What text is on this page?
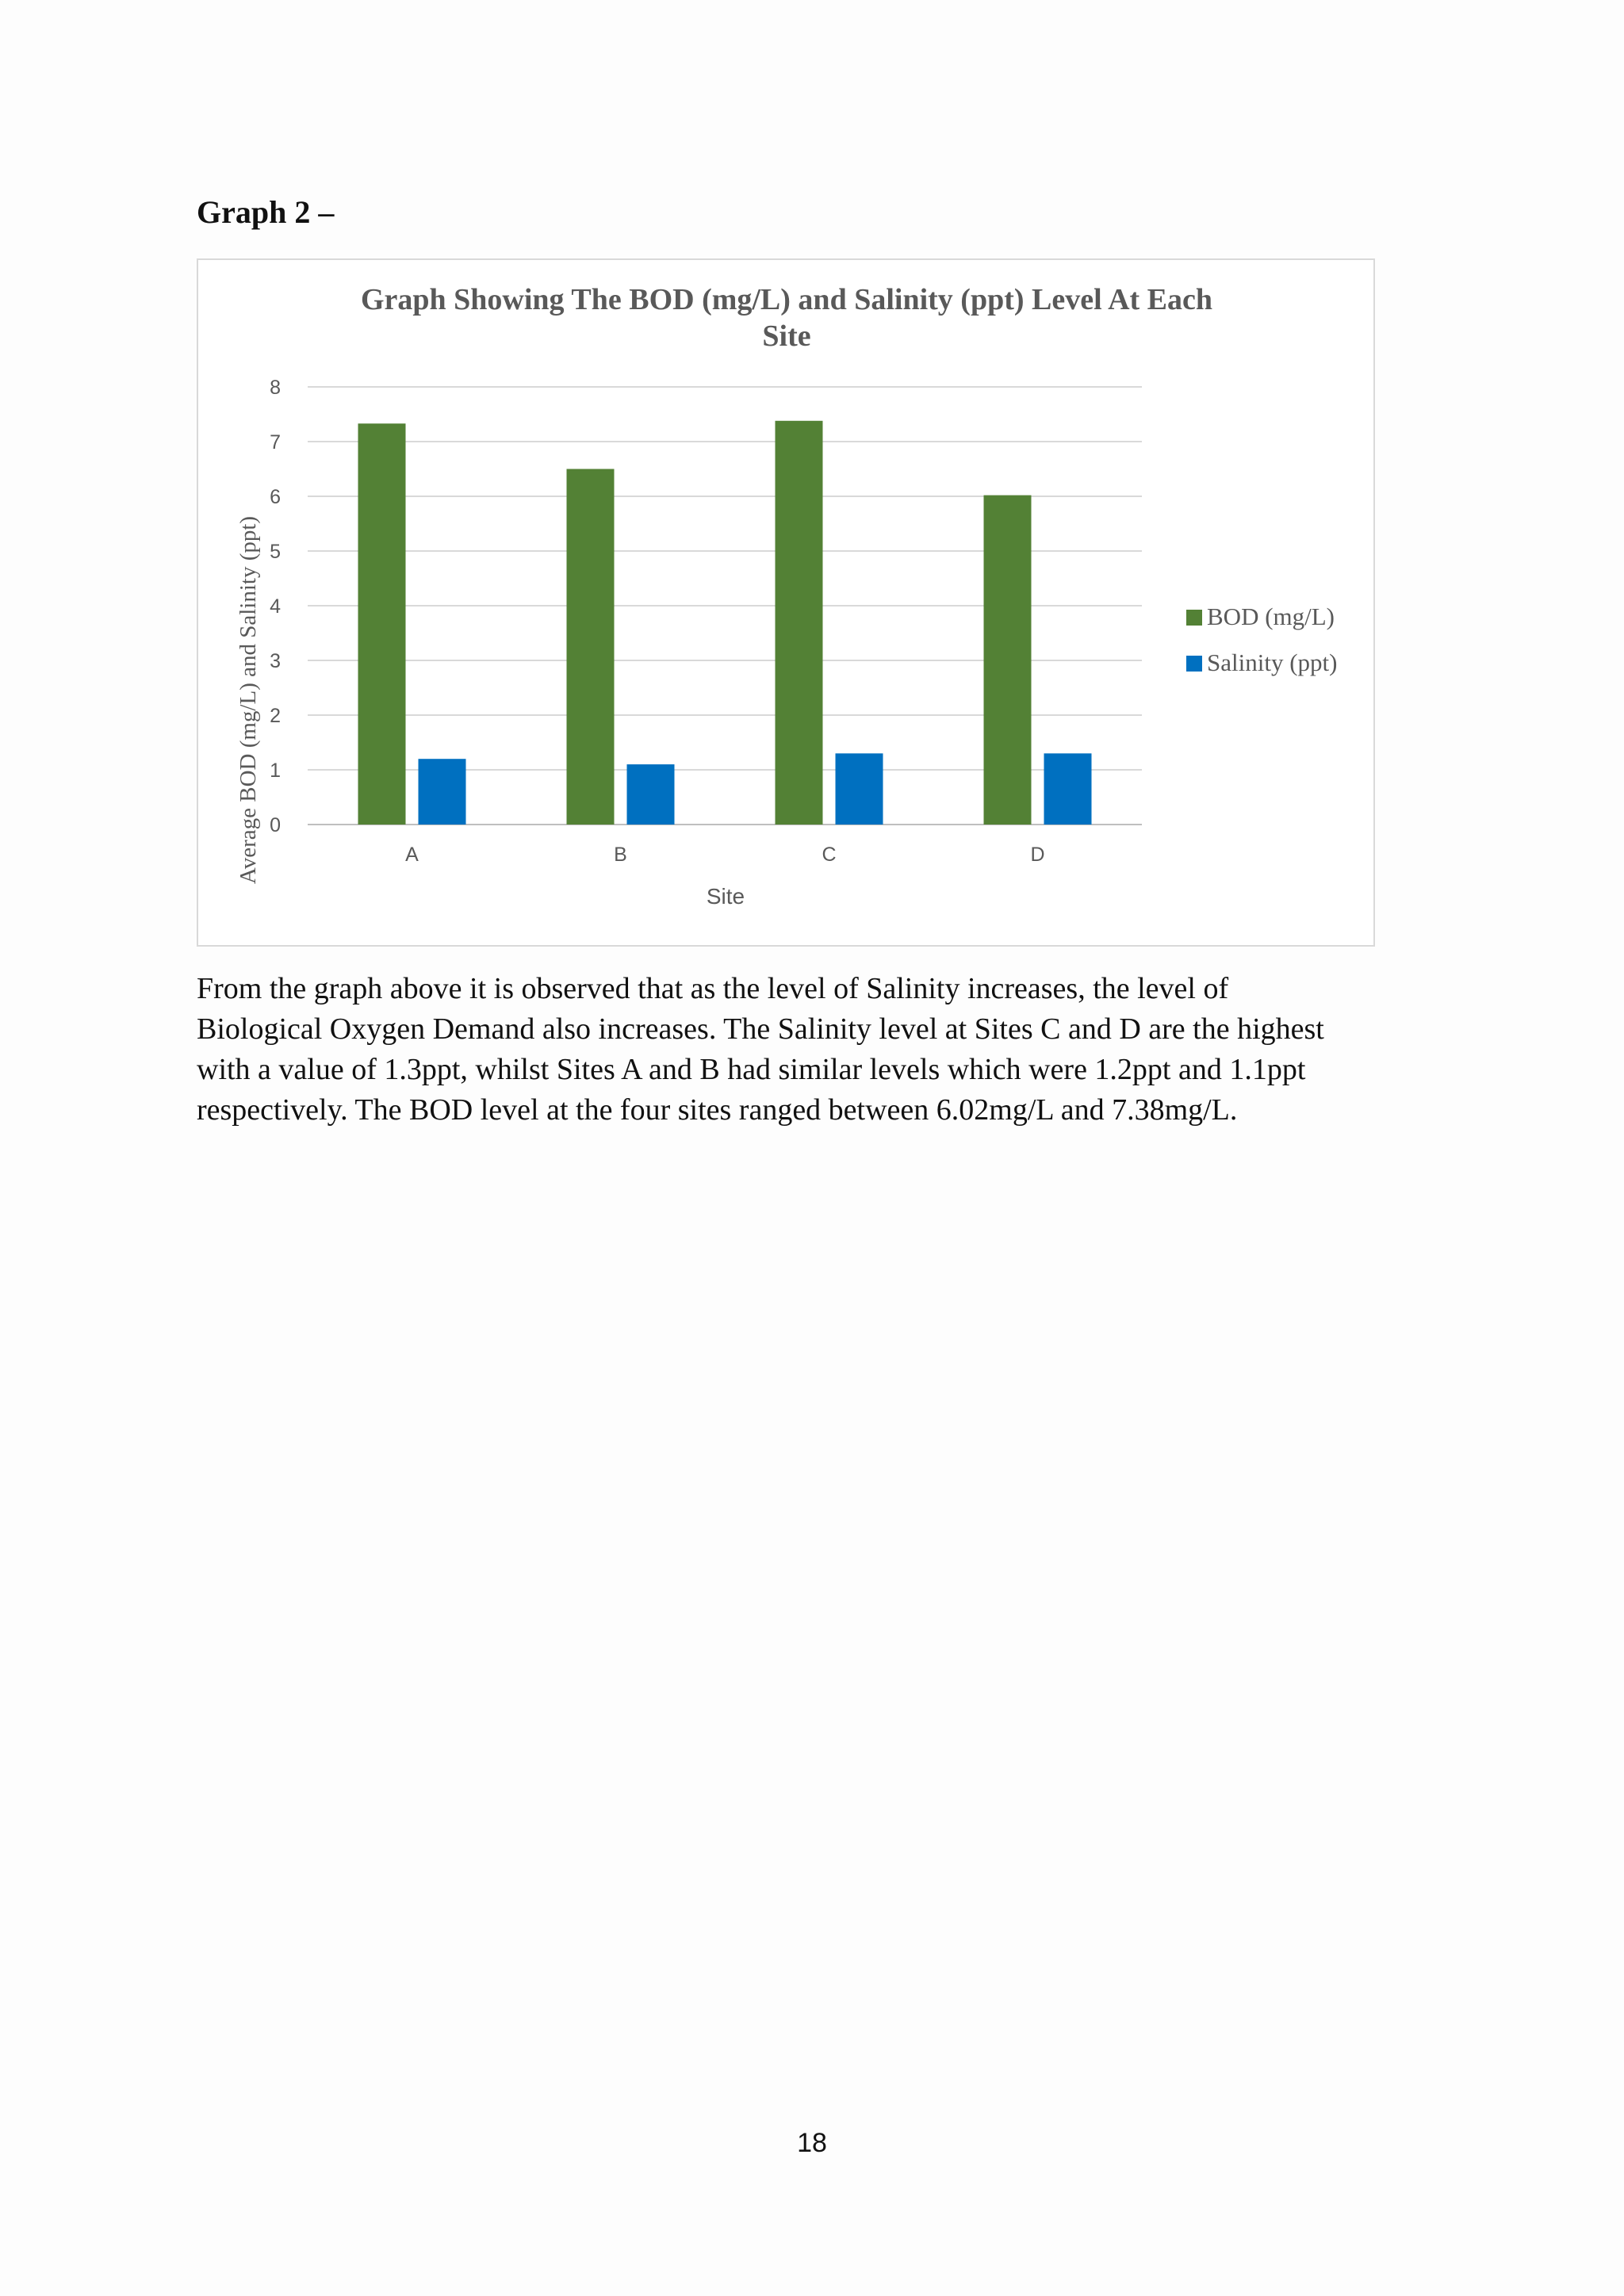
Graph 2 –
Graph Showing The BOD (mg/L) and Salinity (ppt) Level At Each
Site
0
1
2
3
4
5
6
7
8
A	B	C	D
Site
Average BOD (mg/L) and Salinity (ppt)	BOD (mg/L)
Salinity (ppt)
From the graph above it is observed that as the level of Salinity increases, the level of
Biological Oxygen Demand also increases. The Salinity level at Sites C and D are the highest
with a value of 1.3ppt, whilst Sites A and B had similar levels which were 1.2ppt and 1.1ppt
respectively. The BOD level at the four sites ranged between 6.02mg/L and 7.38mg/L.
18
